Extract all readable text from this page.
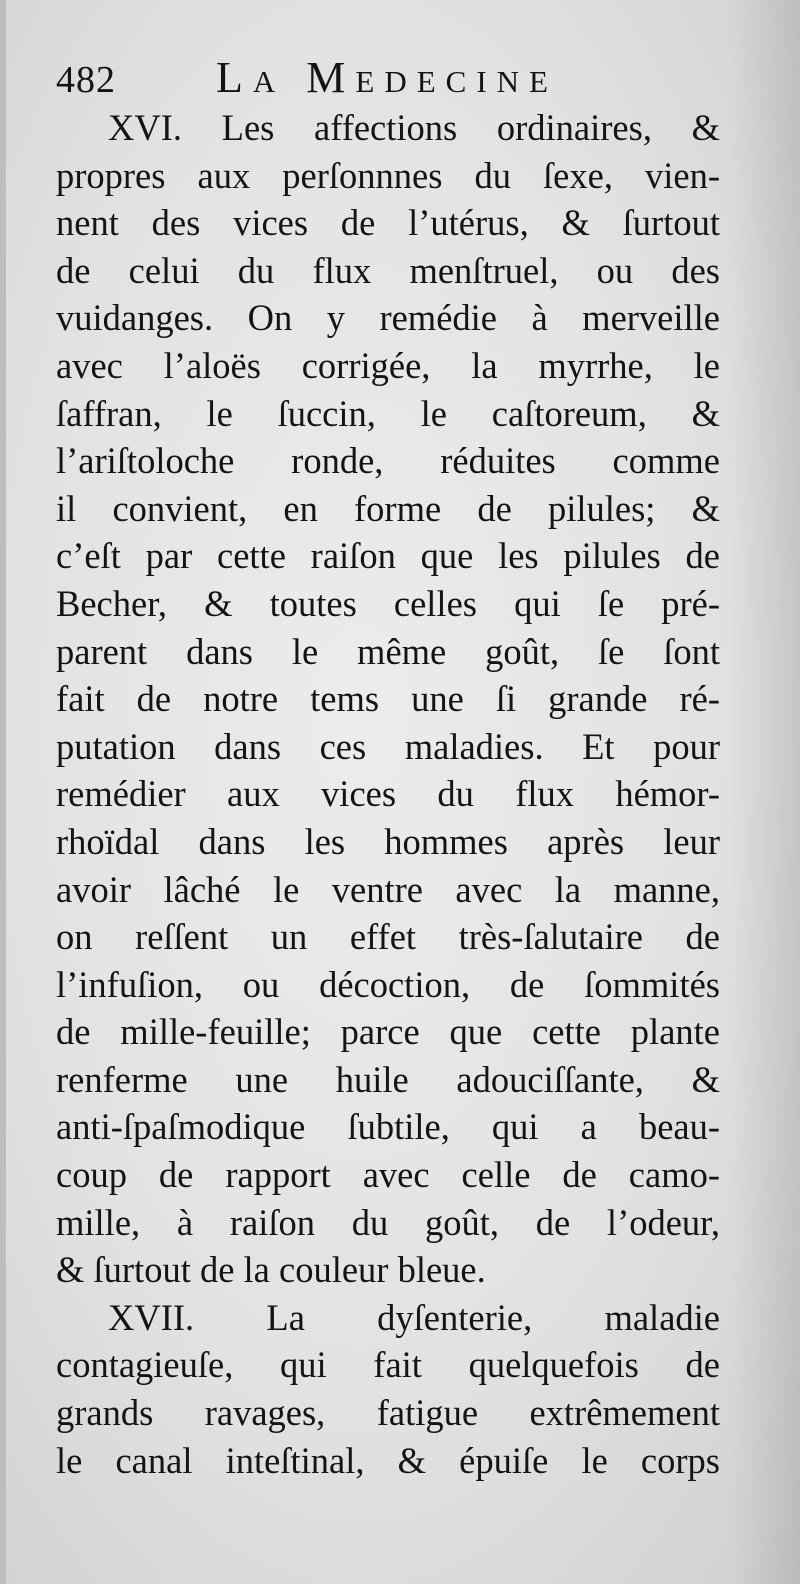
482 La Medecine
XVI. Les affections ordinaires, &
propres aux perſonnnes du ſexe, vien-
nent des vices de l’utérus, & ſurtout
de celui du flux menſtruel, ou des
vuidanges. On y remédie à merveille
avec l’aloës corrigée, la myrrhe, le
ſaffran, le ſuccin, le caſtoreum, &
l’ariſtoloche ronde, réduites comme
il convient, en forme de pilules; &
c’eſt par cette raiſon que les pilules de
Becher, & toutes celles qui ſe pré-
parent dans le même goût, ſe ſont
fait de notre tems une ſi grande ré-
putation dans ces maladies. Et pour
remédier aux vices du flux hémor-
rhoïdal dans les hommes après leur
avoir lâché le ventre avec la manne,
on reſſent un effet très-ſalutaire de
l’infuſion, ou décoction, de ſommités
de mille-feuille; parce que cette plante
renferme une huile adouciſſante, &
anti-ſpaſmodique ſubtile, qui a beau-
coup de rapport avec celle de camo-
mille, à raiſon du goût, de l’odeur,
& ſurtout de la couleur bleue.
XVII. La dyſenterie, maladie
contagieuſe, qui fait quelquefois de
grands ravages, fatigue extrêmement
le canal inteſtinal, & épuiſe le corps
